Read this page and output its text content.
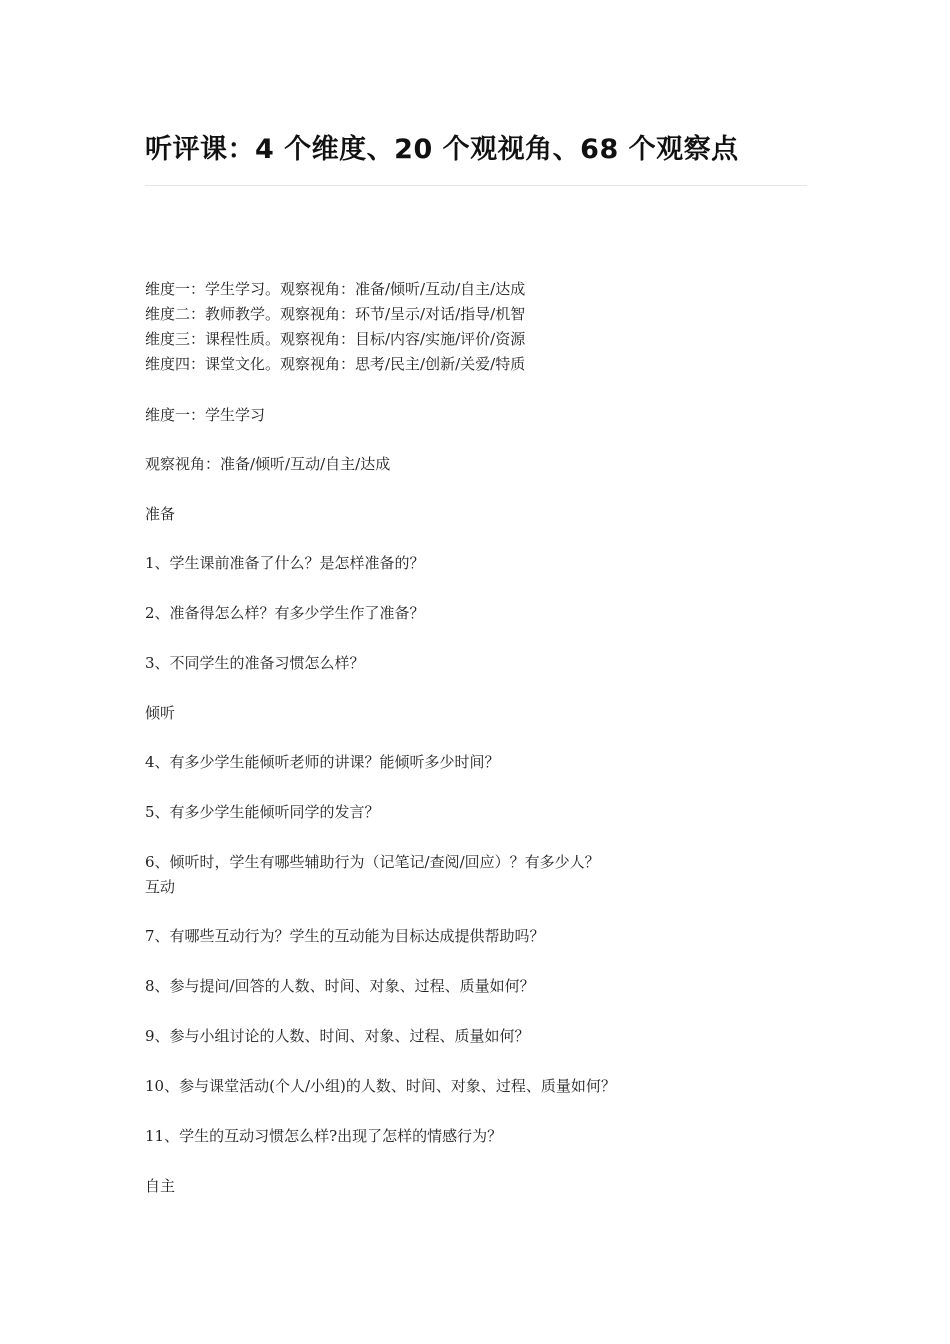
听评课：4 个维度、20 个观视角、68 个观察点

维度一：学生学习。观察视角：准备/倾听/互动/自主/达成

维度二：教师教学。观察视角：环节/呈示/对话/指导/机智

维度三：课程性质。观察视角：目标/内容/实施/评价/资源

维度四：课堂文化。观察视角：思考/民主/创新/关爱/特质

维度一：学生学习

观察视角：准备/倾听/互动/自主/达成

准备

1、学生课前准备了什么？是怎样准备的？

2、准备得怎么样？有多少学生作了准备？

3、不同学生的准备习惯怎么样？

倾听

4、有多少学生能倾听老师的讲课？能倾听多少时间？

5、有多少学生能倾听同学的发言？

6、倾听时，学生有哪些辅助行为（记笔记/查阅/回应）？有多少人？

互动

7、有哪些互动行为？学生的互动能为目标达成提供帮助吗？

8、参与提问/回答的人数、时间、对象、过程、质量如何？

9、参与小组讨论的人数、时间、对象、过程、质量如何？

10、参与课堂活动(个人/小组)的人数、时间、对象、过程、质量如何？

11、学生的互动习惯怎么样?出现了怎样的情感行为？

自主
